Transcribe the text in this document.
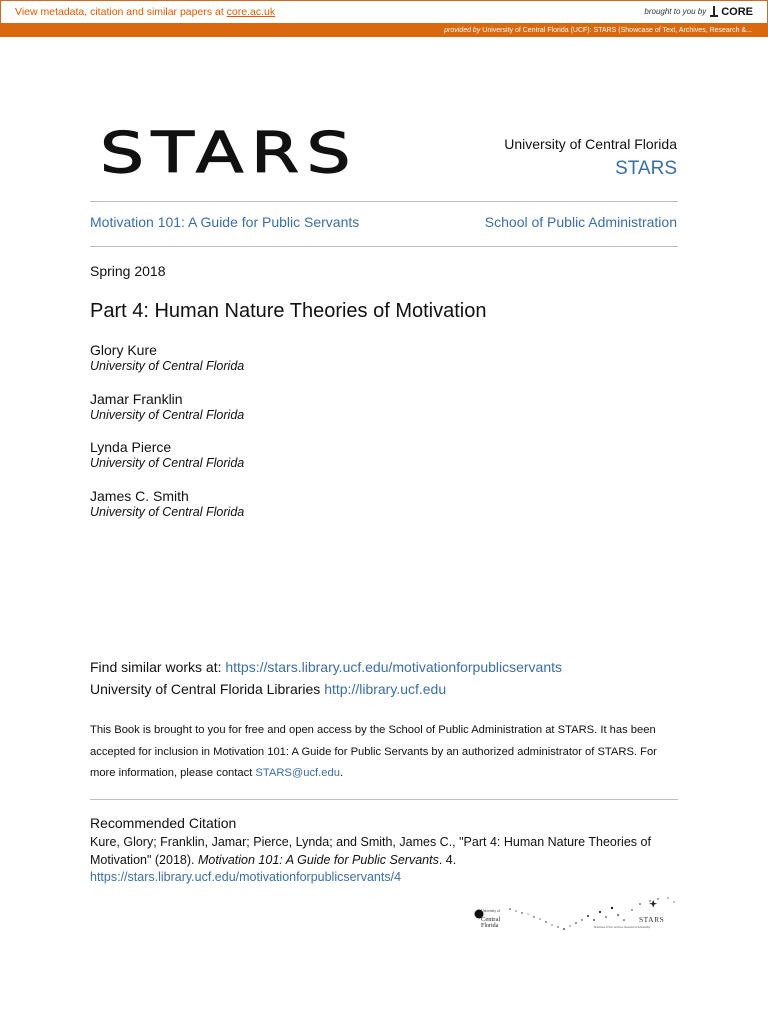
View metadata, citation and similar papers at core.ac.uk	brought to you by CORE
provided by University of Central Florida (UCF): STARS (Showcase of Text, Archives, Research &...
STARS	University of Central Florida
STARS
Motivation 101: A Guide for Public Servants	School of Public Administration
Spring 2018
Part 4: Human Nature Theories of Motivation
Glory Kure
University of Central Florida
Jamar Franklin
University of Central Florida
Lynda Pierce
University of Central Florida
James C. Smith
University of Central Florida
Find similar works at: https://stars.library.ucf.edu/motivationforpublicservants
University of Central Florida Libraries http://library.ucf.edu
This Book is brought to you for free and open access by the School of Public Administration at STARS. It has been accepted for inclusion in Motivation 101: A Guide for Public Servants by an authorized administrator of STARS. For more information, please contact STARS@ucf.edu.
Recommended Citation
Kure, Glory; Franklin, Jamar; Pierce, Lynda; and Smith, James C., "Part 4: Human Nature Theories of Motivation" (2018). Motivation 101: A Guide for Public Servants. 4.
https://stars.library.ucf.edu/motivationforpublicservants/4
University of
Central
Florida
STARS
Showcase of Text, Archives, Research & Scholarship
